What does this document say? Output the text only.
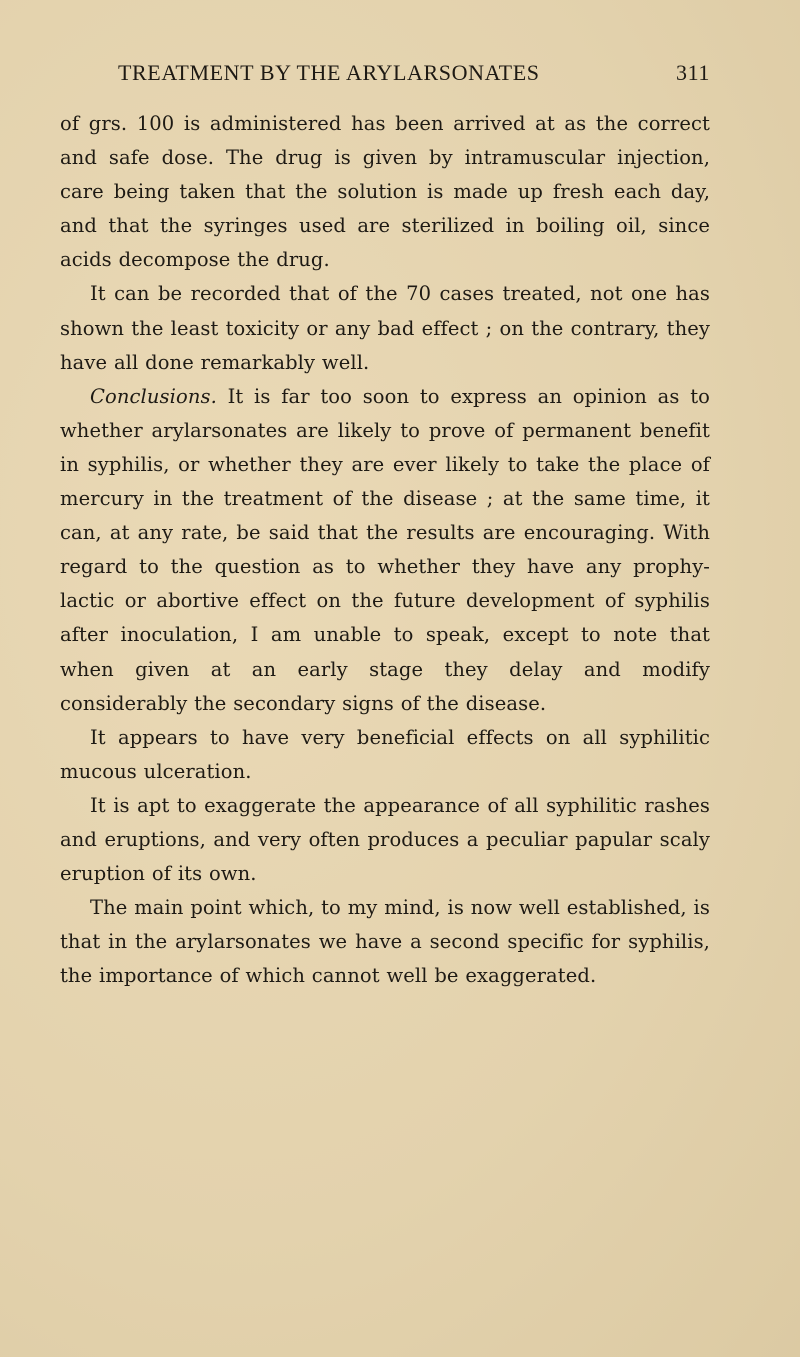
TREATMENT BY THE ARYLARSONATES	311

of grs. 100 is administered has been arrived at as the correct and safe dose. The drug is given by intramuscular injection, care being taken that the solution is made up fresh each day, and that the syringes used are sterilized in boiling oil, since acids decompose the drug.

It can be recorded that of the 70 cases treated, not one has shown the least toxicity or any bad effect ; on the contrary, they have all done remarkably well.

Conclusions. It is far too soon to express an opinion as to whether arylarsonates are likely to prove of permanent benefit in syphilis, or whether they are ever likely to take the place of mercury in the treatment of the disease ; at the same time, it can, at any rate, be said that the results are encouraging. With regard to the question as to whether they have any prophy-lactic or abortive effect on the future development of syphilis after inoculation, I am unable to speak, except to note that when given at an early stage they delay and modify considerably the secondary signs of the disease.

It appears to have very beneficial effects on all syphilitic mucous ulceration.

It is apt to exaggerate the appearance of all syphilitic rashes and eruptions, and very often produces a peculiar papular scaly eruption of its own.

The main point which, to my mind, is now well established, is that in the arylarsonates we have a second specific for syphilis, the importance of which cannot well be exaggerated.
